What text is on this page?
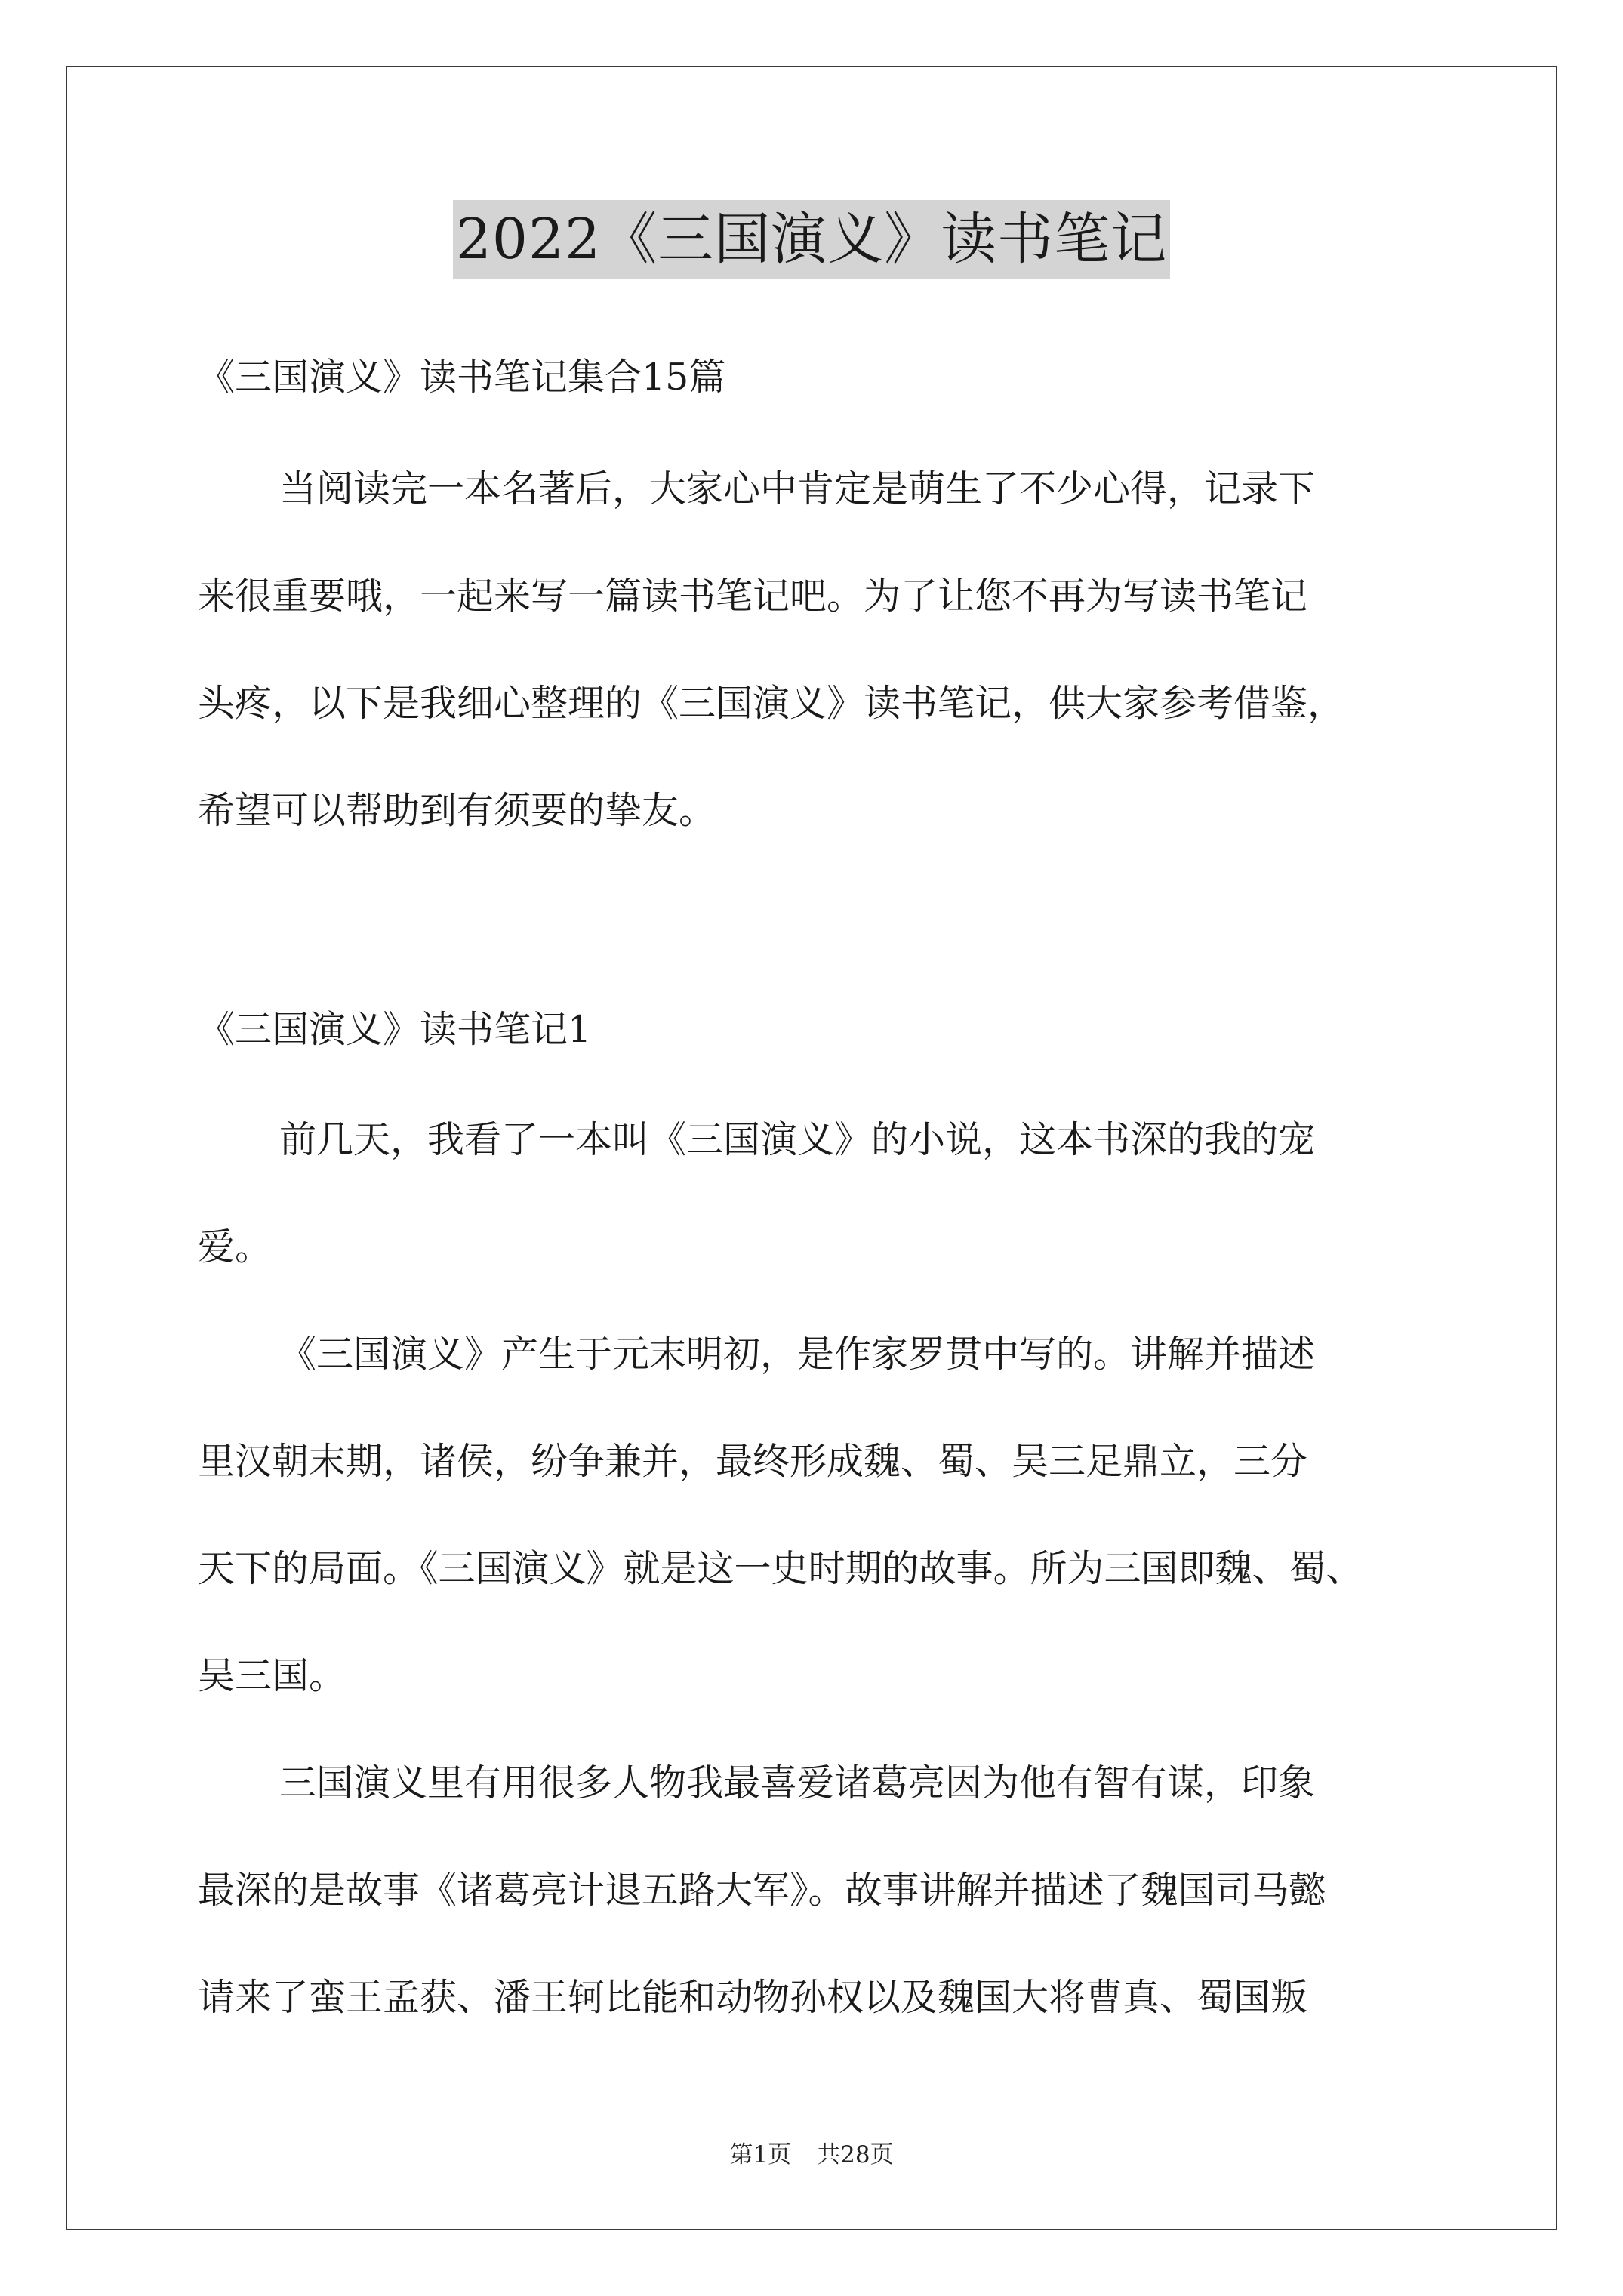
2022《三国演义》读书笔记
《三国演义》读书笔记集合15篇
当阅读完一本名著后，大家心中肯定是萌生了不少心得，记录下
来很重要哦，一起来写一篇读书笔记吧。为了让您不再为写读书笔记
头疼，以下是我细心整理的《三国演义》读书笔记，供大家参考借鉴，
希望可以帮助到有须要的挚友。
《三国演义》读书笔记1
前几天，我看了一本叫《三国演义》的小说，这本书深的我的宠
爱。
《三国演义》产生于元末明初，是作家罗贯中写的。讲解并描述
里汉朝末期，诸侯，纷争兼并，最终形成魏、蜀、吴三足鼎立，三分
天下的局面。《三国演义》就是这一史时期的故事。所为三国即魏、蜀、
吴三国。
三国演义里有用很多人物我最喜爱诸葛亮因为他有智有谋，印象
最深的是故事《诸葛亮计退五路大军》。故事讲解并描述了魏国司马懿
请来了蛮王孟获、潘王轲比能和动物孙权以及魏国大将曹真、蜀国叛
第1页 共28页
